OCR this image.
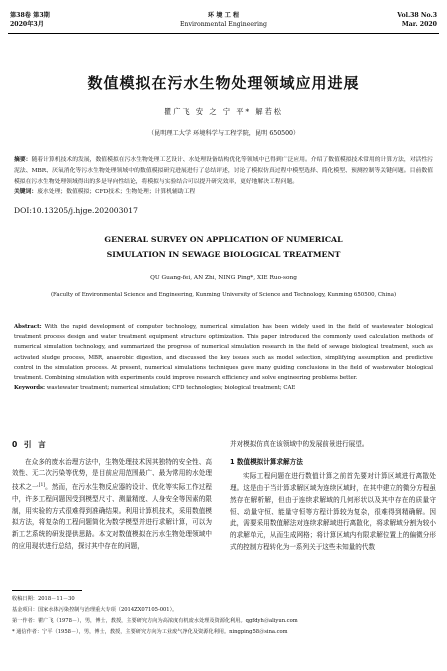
第38卷 第3期
2020年3月
环 境 工 程
Environmental Engineering
Vol.38 No.3
Mar. 2020
数值模拟在污水生物处理领域应用进展
瞿广飞 安 之 宁 平* 解若松
（昆明理工大学 环境科学与工程学院，昆明 650500）
摘要：随着计算机技术的发展，数值模拟在污水生物处理工艺设计、水处理设备结构优化等领域中已得到广泛应用。介绍了数值模拟技术常用的计算方法，对活性污泥法、MBR、厌氧消化等污水生物处理领域中的数值模拟研究进展进行了总结评述，讨论了模拟仿真过程中模型选择、简化模型、预测控制等关键问题。目前数值模拟在污水生物处理领域得出的多是导向性结论，将模拟与实验结合可以提升研究效率，更好地解决工程问题。
关键词：废水处理；数值模拟；CFD技术；生物处理；计算机辅助工程
DOI:10.13205/j.hjge.202003017
GENERAL SURVEY ON APPLICATION OF NUMERICAL SIMULATION IN SEWAGE BIOLOGICAL TREATMENT
QU Guang-fei, AN Zhi, NING Ping*, XIE Ruo-song
(Faculty of Environmental Science and Engineering, Kunming University of Science and Technology, Kunming 650500, China)
Abstract: With the rapid development of computer technology, numerical simulation has been widely used in the field of wastewater biological treatment process design and water treatment equipment structure optimization. This paper introduced the commonly used calculation methods of numerical simulation technology, and summarized the progress of numerical simulation research in the field of sewage biological treatment, such as activated sludge process, MBR, anaerobic digestion, and discussed the key issues such as model selection, simplifying assumption and predictive control in the simulation process. At present, numerical simulations techniques gave many guiding conclusions in the field of wastewater biological treatment. Combining simulation with experiments could improve research efficiency and solve engineering problems better.
Keywords: wastewater treatment; numerical simulation; CFD technologies; biological treatment; CAE
0 引 言

在众多的废水治理方法中，生物处理技术因其独特的安全性、高效性、无二次污染等优势，是目前应用范围最广、最为常用的水处理技术之一[1]。然而，在污水生物反应器的设计、优化等实际工作过程中，许多工程问题因受到模型尺寸、测量精度、人身安全等因素的限制，用实验的方式很难得到准确结果。利用计算机技术，采用数值模拟方法，将复杂的工程问题简化为数学模型并进行求解计算，可以为新工艺系统的研发提供思路。本文对数值模拟在污水生物处理领域中的应用现状进行总结，探讨其中存在的问题，

并对模拟仿真在该领域中的发展前景进行展望。

1 数值模拟计算求解方法

实际工程问题在进行数值计算之前首先要对计算区域进行离散处理。这是由于当计算求解区域为连续区域时，在其中建立的微分方程虽然存在解析解，但由于连续求解域的几何形状以及其中存在的质量守恒、动量守恒、能量守恒等方程计算较为复杂，很难得到精确解。因此，需要采用数值解法对连续求解域进行离散化，将求解域分割为较小的求解单元，从而生成网格；将计算区域内有限求解位置上的偏微分形式的控制方程转化为一系列关于这些未知量的代数

收稿日期：2018－11－30
基金项目：国家水体污染控制与治理重大专项（2014ZX07105-001）。
第一作者：瞿广飞（1978－），男，博士，教授，主要研究方向为高浓度有机废水处理及资源化利用。qgfdyh＠aliyun.com
* 通信作者：宁平（1958－），男，博士，教授，主要研究方向为工业废气净化及资源化利用。ningping58＠sina.com
